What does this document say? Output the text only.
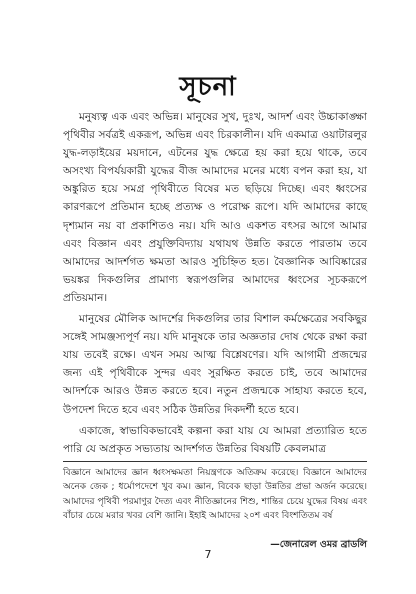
সূচনা

মনুষ্যত্ব এক এবং অভিন্ন। মানুষের সুখ, দুঃখ, আদর্শ এবং উচ্চাকাঙ্ক্ষা পৃথিবীর সর্বত্রই একরূপ, অভিন্ন এবং চিরকালীন। যদি একমাত্র ওয়াটারলুর যুদ্ধ-লড়াইয়ের ময়দানে, এটনের যুদ্ধ ক্ষেত্রে হয় করা হয়ে থাকে, তবে অসংখ্য বিপর্যয়কারী যুদ্ধের বীজ আমাদের মনের মধ্যে বপন করা হয়, যা অঙ্কুরিত হয়ে সমগ্র পৃথিবীতে বিষের মত ছড়িয়ে দিচ্ছে। এবং ধ্বংসের কারণরূপে প্রতিমান হচ্ছে প্রত্যক্ষ ও পরোক্ষ রূপে। যদি আমাদের কাছে দৃশ্যমান নয় বা প্রকাশিতও নয়। যদি আও একশত বৎসর আগে আমার এবং বিজ্ঞান এবং প্রযুক্তিবিদ্যায় যথাযথ উন্নতি করতে পারতাম তবে আমাদের আদর্শগত ক্ষমতা আরও সুচিহ্নিত হত। বৈজ্ঞানিক আবিষ্কারের ভয়ঙ্কর দিকগুলির প্রামাণ্য স্বরূপগুলির আমাদের ধ্বংসের সূচকরূপে প্রতিয়মান।

মানুষের মৌলিক আদর্শের দিকগুলির তার বিশাল কর্মক্ষেত্রের সবকিছুর সঙ্গেই সামঞ্জস্যপূর্ণ নয়। যদি মানুষকে তার অজ্ঞতার দোষ থেকে রক্ষা করা যায় তবেই রক্ষে। এখন সময় আত্ম বিশ্লেষণের। যদি আগামী প্রজন্মের জন্য এই পৃথিবীকে সুন্দর এবং সুরক্ষিত করতে চাই, তবে আমাদের আদর্শকে আরও উন্নত করতে হবে। নতুন প্রজন্মকে সাহায্য করতে হবে, উপদেশ দিতে হবে এবং সঠিক উন্নতির দিকদর্শী হতে হবে।

একাজে, স্বাভাবিকভাবেই কল্পনা করা যায় যে আমরা প্রত্যারিত হতে পারি যে অপ্রকৃত সভ্যতায় আদর্শগত উন্নতির বিষয়টি কেবলমাত্র

বিজ্ঞানে আমাদের জ্ঞান ধ্বংসক্ষমতা নিয়ন্ত্রণকে অতিক্রম করেছে। বিজ্ঞানে আমাদের অনেক জেক ; ধর্মোপদেশে খুব কম। জ্ঞান, বিবেক ছাড়া উন্নতির প্রভা অর্জন করেছে। আমাদের পৃথিবী পরমাণুর দৈত্য এবং নীতিজ্ঞানের শিশু, শান্তির চেয়ে যুদ্ধের বিষয় এবং বাঁচার চেয়ে মরার খবর বেশি জানি। ইহাই আমাদের ২০শ এবং বিংশতিতম বর্ষ

—জেনারেল ওমর ব্রাডলি
7
